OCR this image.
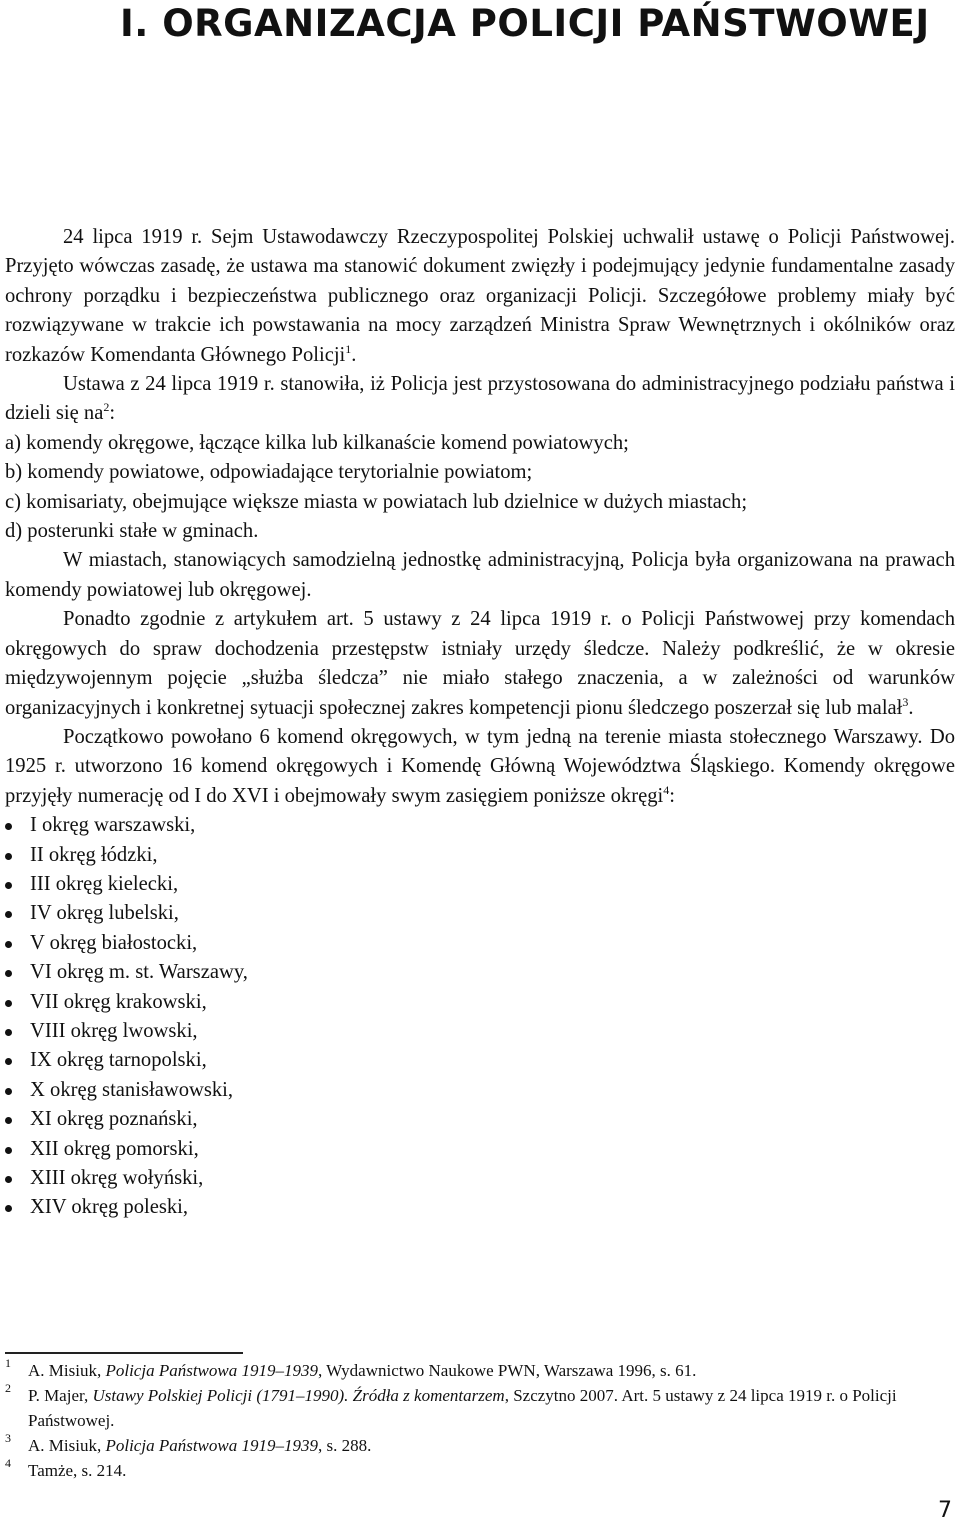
I. ORGANIZACJA POLICJI PAŃSTWOWEJ

24 lipca 1919 r. Sejm Ustawodawczy Rzeczypospolitej Polskiej uchwalił ustawę o Policji Państwowej. Przyjęto wówczas zasadę, że ustawa ma stanowić dokument zwięzły i podejmujący jedynie fundamentalne zasady ochrony porządku i bezpieczeństwa publicznego oraz organizacji Policji. Szczegółowe problemy miały być rozwiązywane w trakcie ich powstawania na mocy zarządzeń Ministra Spraw Wewnętrznych i okólników oraz rozkazów Komendanta Głównego Policji$^1$.

Ustawa z 24 lipca 1919 r. stanowiła, iż Policja jest przystosowana do administracyjnego podziału państwa i dzieli się $na^2$:

a) komendy okręgowe, łączące kilka lub kilkanaście komend powiatowych;
b) komendy powiatowe, odpowiadające terytorialnie powiatom;
c) komisariaty, obejmujące większe miasta w powiatach lub dzielnice w dużych miastach;
d) posterunki stałe w gminach.

W miastach, stanowiących samodzielną jednostkę administracyjną, Policja była organizowana na prawach komendy powiatowej lub okręgowej.

Ponadto zgodnie z artykułem art. 5 ustawy z 24 lipca 1919 r. o Policji Państwowej przy komendach okręgowych do spraw dochodzenia przestępstw istniały urzędy śledcze. Należy podkreślić, że w okresie międzywojennym pojęcie „służba śledcza” nie miało stałego znaczenia, a w zależności od warunków organizacyjnych i konkretnej sytuacji społecznej zakres kompetencji pionu śledczego poszerzał się lub malał$^3$.

Początkowo powołano 6 komend okręgowych, w tym jedną na terenie miasta stołecznego Warszawy. Do 1925 r. utworzono 16 komend okręgowych i Komendę Główną Województwa Śląskiego. Komendy okręgowe przyjęły numerację od I do XVI i obejmowały swym zasięgiem poniższe okręgi$^4$:

I okręg warszawski,
II okręg łódzki,
III okręg kielecki,
IV okręg lubelski,
V okręg białostocki,
VI okręg m. st. Warszawy,
VII okręg krakowski,
VIII okręg lwowski,
IX okręg tarnopolski,
X okręg stanisławowski,
XI okręg poznański,
XII okręg pomorski,
XIII okręg wołyński,
XIV okręg poleski,
1 A. Misiuk, Policja Państwowa 1919–1939, Wydawnictwo Naukowe PWN, Warszawa 1996, s. 61.
2 P. Majer, Ustawy Polskiej Policji (1791–1990). Źródła z komentarzem, Szczytno 2007. Art. 5 ustawy z 24 lipca 1919 r. o Policji Państwowej.
3 A. Misiuk, Policja Państwowa 1919–1939, s. 288.
4 Tamże, s. 214.
7
